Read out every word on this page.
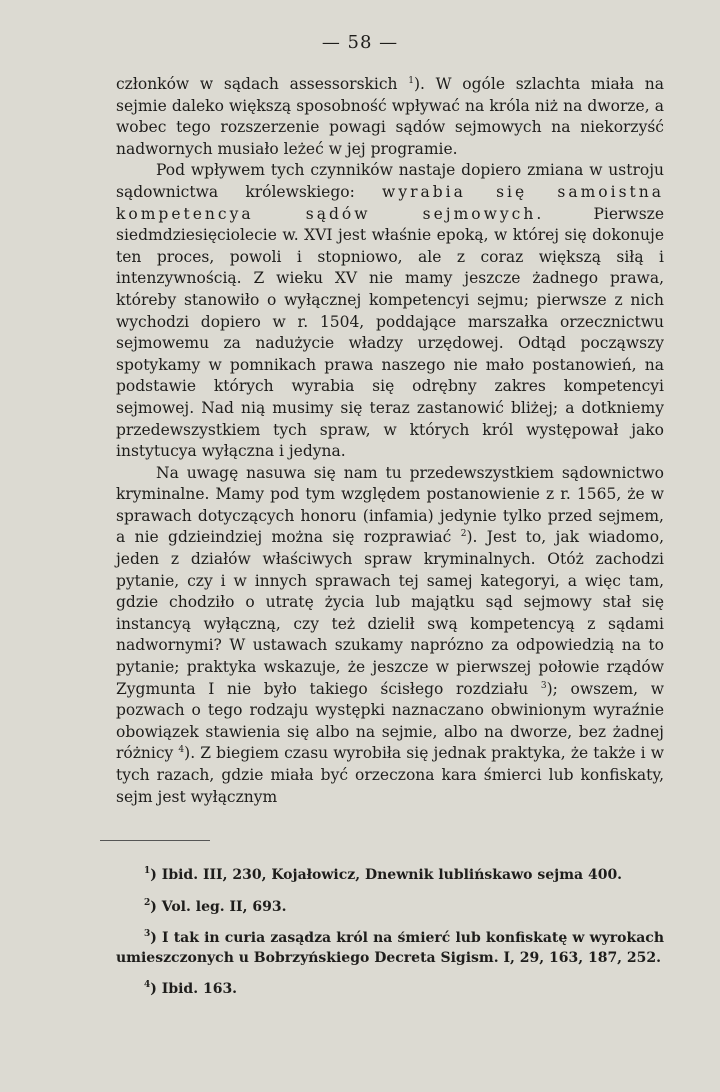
— 58 —

członków w sądach assessorskich $^1$). W ogóle szlachta miała na sejmie daleko większą sposobność wpływać na króla niż na dworze, a wobec tego rozszerzenie powagi sądów sejmowych na niekorzyść nadwornych musiało leżeć w jej programie.

Pod wpływem tych czynników nastaje dopiero zmiana w ustroju sądownictwa królewskiego: wyrabia się samoistna kompetencya sądów sejmowych. Pierwsze siedmdziesięciolecie w. XVI jest właśnie epoką, w której się dokonuje ten proces, powoli i stopniowo, ale z coraz większą siłą i intenzywnością. Z wieku XV nie mamy jeszcze żadnego prawa, któreby stanowiło o wyłącznej kompetencyi sejmu; pierwsze z nich wychodzi dopiero w r. 1504, poddające marszałka orzecznictwu sejmowemu za nadużycie władzy urzędowej. Odtąd począwszy spotykamy w pomnikach prawa naszego nie mało postanowień, na podstawie których wyrabia się odrębny zakres kompetencyi sejmowej. Nad nią musimy się teraz zastanowić bliżej; a dotkniemy przedewszystkiem tych spraw, w których król występował jako instytucya wyłączna i jedyna.

Na uwagę nasuwa się nam tu przedewszystkiem sądownictwo kryminalne. Mamy pod tym względem postanowienie z r. 1565, że w sprawach dotyczących honoru (infamia) jedynie tylko przed sejmem, a nie gdzieindziej można się rozprawiać $^2$). Jest to, jak wiadomo, jeden z działów właściwych spraw kryminalnych. Otóż zachodzi pytanie, czy i w innych sprawach tej samej kategoryi, a więc tam, gdzie chodziło o utratę życia lub majątku sąd sejmowy stał się instancyą wyłączną, czy też dzielił swą kompetencyą z sądami nadwornymi? W ustawach szukamy naprózno za odpowiedzią na to pytanie; praktyka wskazuje, że jeszcze w pierwszej połowie rządów Zygmunta I nie było takiego ścisłego rozdziału $^3$); owszem, w pozwach o tego rodzaju występki naznaczano obwinionym wyraźnie obowiązek stawienia się albo na sejmie, albo na dworze, bez żadnej różnicy $^4$). Z biegiem czasu wyrobiła się jednak praktyka, że także i w tych razach, gdzie miała być orzeczona kara śmierci lub konfiskaty, sejm jest wyłącznym

$^1$) Ibid. III, 230, Kojałowicz, Dnewnik lublińskawo sejma 400.
$^2$) Vol. leg. II, 693.
$^3$) I tak in curia zasądza król na śmierć lub konfiskatę w wyrokach umieszczonych u Bobrzyńskiego Decreta Sigism. I, 29, 163, 187, 252.
$^4$) Ibid. 163.
